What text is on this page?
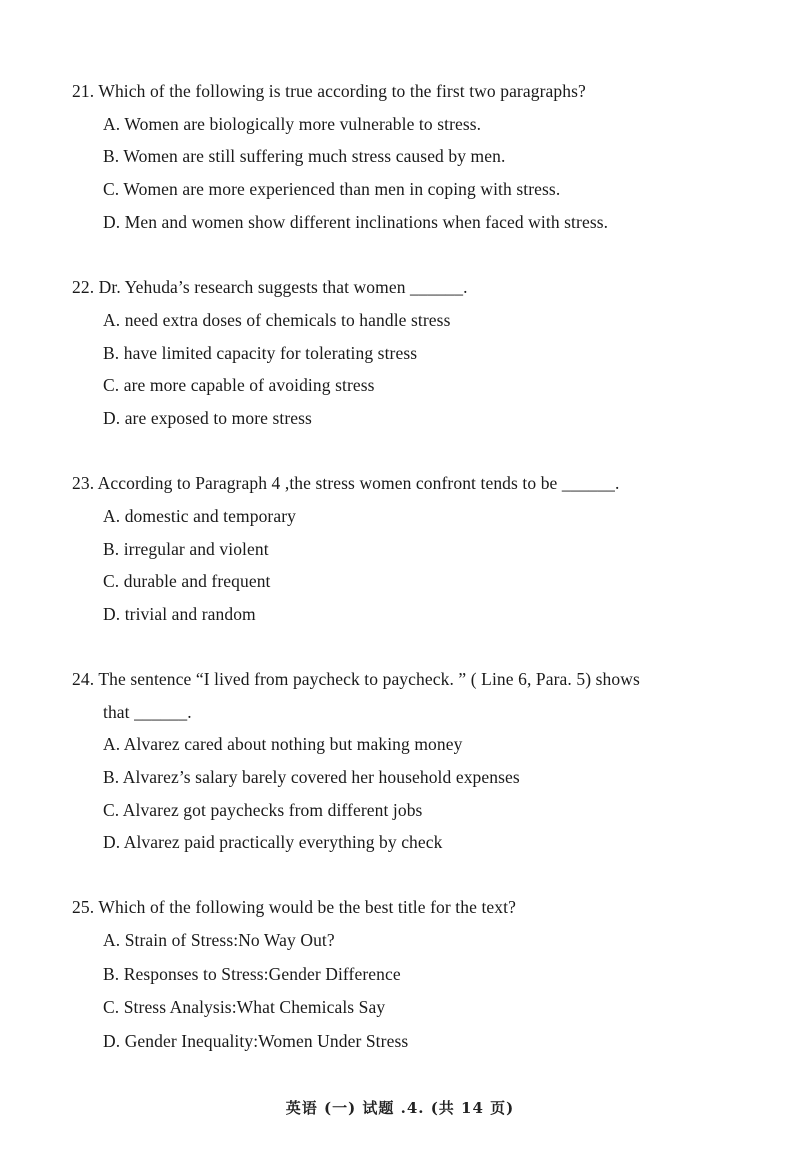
21. Which of the following is true according to the first two paragraphs?
A. Women are biologically more vulnerable to stress.
B. Women are still suffering much stress caused by men.
C. Women are more experienced than men in coping with stress.
D. Men and women show different inclinations when faced with stress.
22. Dr. Yehuda’s research suggests that women ______.
A. need extra doses of chemicals to handle stress
B. have limited capacity for tolerating stress
C. are more capable of avoiding stress
D. are exposed to more stress
23. According to Paragraph 4 ,the stress women confront tends to be ______.
A. domestic and temporary
B. irregular and violent
C. durable and frequent
D. trivial and random
24. The sentence “I lived from paycheck to paycheck. ” ( Line 6, Para. 5) shows
that ______.
A. Alvarez cared about nothing but making money
B. Alvarez’s salary barely covered her household expenses
C. Alvarez got paychecks from different jobs
D. Alvarez paid practically everything by check
25. Which of the following would be the best title for the text?
A. Strain of Stress:No Way Out?
B. Responses to Stress:Gender Difference
C. Stress Analysis:What Chemicals Say
D. Gender Inequality:Women Under Stress
英语 (一) 试题 .4. (共 14 页)
